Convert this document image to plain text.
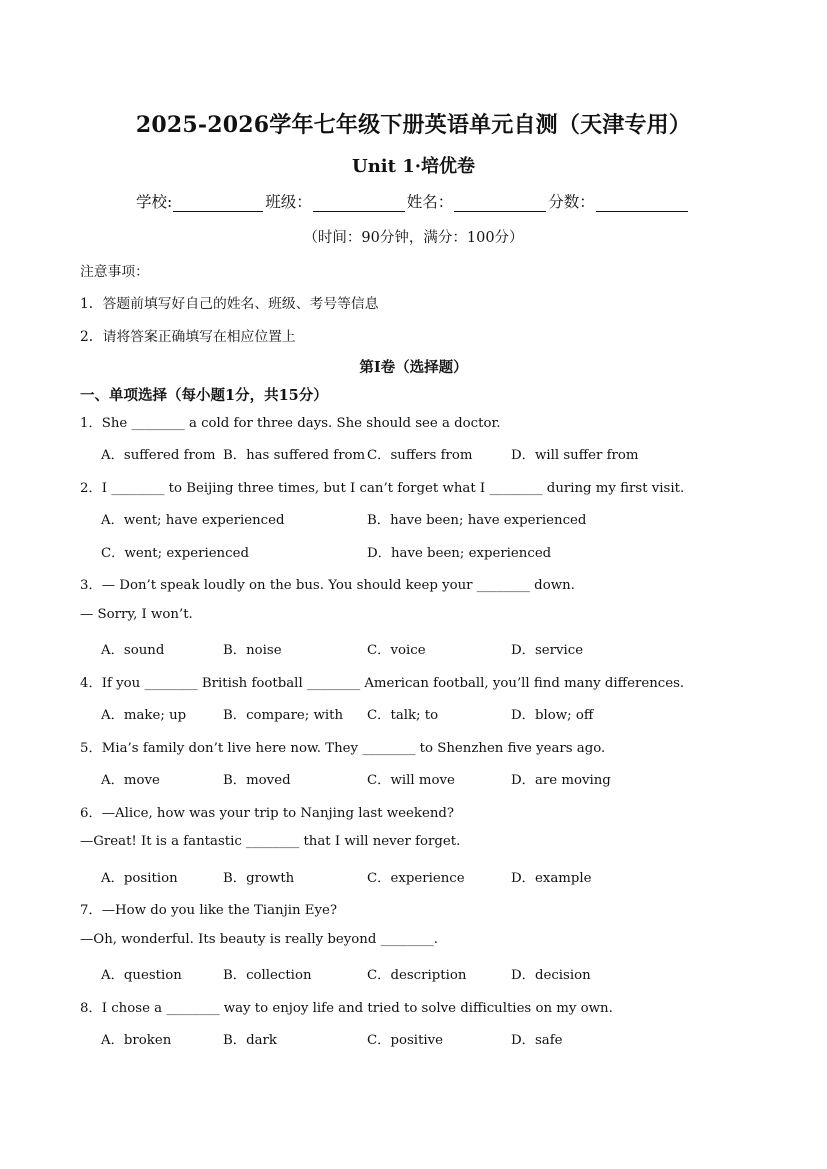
2025-2026学年七年级下册英语单元自测（天津专用）
Unit 1·培优卷
学校:	班级：	姓名：	分数：
（时间：90分钟，满分：100分）
注意事项：
1．答题前填写好自己的姓名、班级、考号等信息
2．请将答案正确填写在相应位置上
第I卷（选择题）
一、单项选择（每小题1分，共15分）
1．She ________ a cold for three days. She should see a doctor.
A．suffered from B．has suffered from C．suffers from	D．will suffer from
2．I ________ to Beijing three times, but I can’t forget what I ________ during my first visit.
A．went; have experienced	B．have been; have experienced
C．went; experienced	D．have been; experienced
3．— Don’t speak loudly on the bus. You should keep your ________ down.
— Sorry, I won’t.
A．sound	B．noise	C．voice	D．service
4．If you ________ British football ________ American football, you’ll find many differences.
A．make; up	B．compare; with C．talk; to	D．blow; off
5．Mia’s family don’t live here now. They ________ to Shenzhen five years ago.
A．move	B．moved	C．will move	D．are moving
6．—Alice, how was your trip to Nanjing last weekend?
—Great! It is a fantastic ________ that I will never forget.
A．position	B．growth	C．experience	D．example
7．—How do you like the Tianjin Eye?
—Oh, wonderful. Its beauty is really beyond ________.
A．question	B．collection	C．description	D．decision
8．I chose a ________ way to enjoy life and tried to solve difficulties on my own.
A．broken	B．dark	C．positive	D．safe
